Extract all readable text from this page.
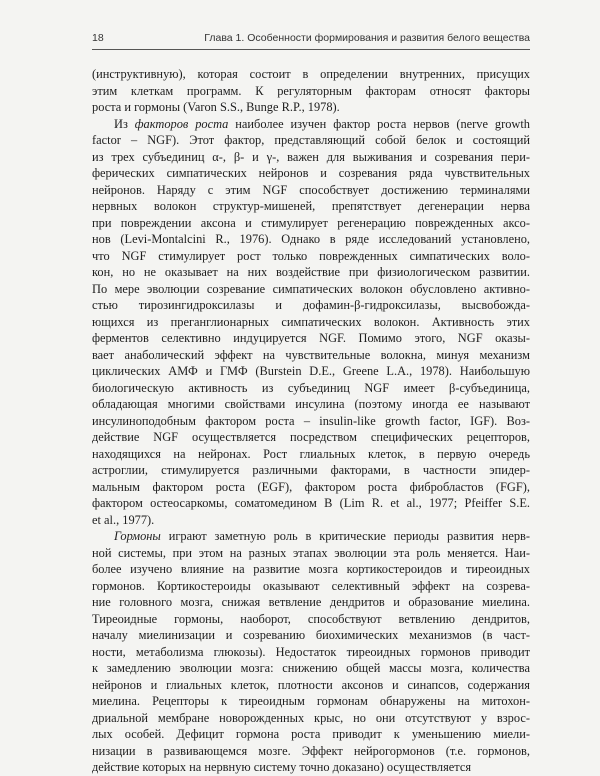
18	Глава 1. Особенности формирования и развития белого вещества
(инструктивную), которая состоит в определении внутренних, присущих
этим клеткам программ. К регуляторным факторам относят факторы
роста и гормоны (Varon S.S., Bunge R.P., 1978).
Из факторов роста наиболее изучен фактор роста нервов (nerve growth
factor – NGF). Этот фактор, представляющий собой белок и состоящий
из трех субъединиц α-, β- и γ-, важен для выживания и созревания пери-
ферических симпатических нейронов и созревания ряда чувствительных
нейронов. Наряду с этим NGF способствует достижению терминалями
нервных волокон структур-мишеней, препятствует дегенерации нерва
при повреждении аксона и стимулирует регенерацию поврежденных аксо-
нов (Levi-Montalcini R., 1976). Однако в ряде исследований установлено,
что NGF стимулирует рост только поврежденных симпатических воло-
кон, но не оказывает на них воздействие при физиологическом развитии.
По мере эволюции созревание симпатических волокон обусловлено активно-
стью тирозингидроксилазы и дофамин-β-гидроксилазы, высвобожда-
ющихся из преганглионарных симпатических волокон. Активность этих
ферментов селективно индуцируется NGF. Помимо этого, NGF оказы-
вает анаболический эффект на чувствительные волокна, минуя механизм
циклических АМФ и ГМФ (Burstein D.E., Greene L.A., 1978). Наибольшую
биологическую активность из субъединиц NGF имеет β-субъединица,
обладающая многими свойствами инсулина (поэтому иногда ее называют
инсулиноподобным фактором роста – insulin-like growth factor, IGF). Воз-
действие NGF осуществляется посредством специфических рецепторов,
находящихся на нейронах. Рост глиальных клеток, в первую очередь
астроглии, стимулируется различными факторами, в частности эпидер-
мальным фактором роста (EGF), фактором роста фибробластов (FGF),
фактором остеосаркомы, соматомедином В (Lim R. et al., 1977; Pfeiffer S.E.
et al., 1977).
Гормоны играют заметную роль в критические периоды развития нерв-
ной системы, при этом на разных этапах эволюции эта роль меняется. Наи-
более изучено влияние на развитие мозга кортикостероидов и тиреоидных
гормонов. Кортикостероиды оказывают селективный эффект на созрева-
ние головного мозга, снижая ветвление дендритов и образование миелина.
Тиреоидные гормоны, наоборот, способствуют ветвлению дендритов,
началу миелинизации и созреванию биохимических механизмов (в част-
ности, метаболизма глюкозы). Недостаток тиреоидных гормонов приводит
к замедлению эволюции мозга: снижению общей массы мозга, количества
нейронов и глиальных клеток, плотности аксонов и синапсов, содержания
миелина. Рецепторы к тиреоидным гормонам обнаружены на митохон-
дриальной мембране новорожденных крыс, но они отсутствуют у взрос-
лых особей. Дефицит гормона роста приводит к уменьшению миели-
низации в развивающемся мозге. Эффект нейрогормонов (т.е. гормонов,
действие которых на нервную систему точно доказано) осуществляется
